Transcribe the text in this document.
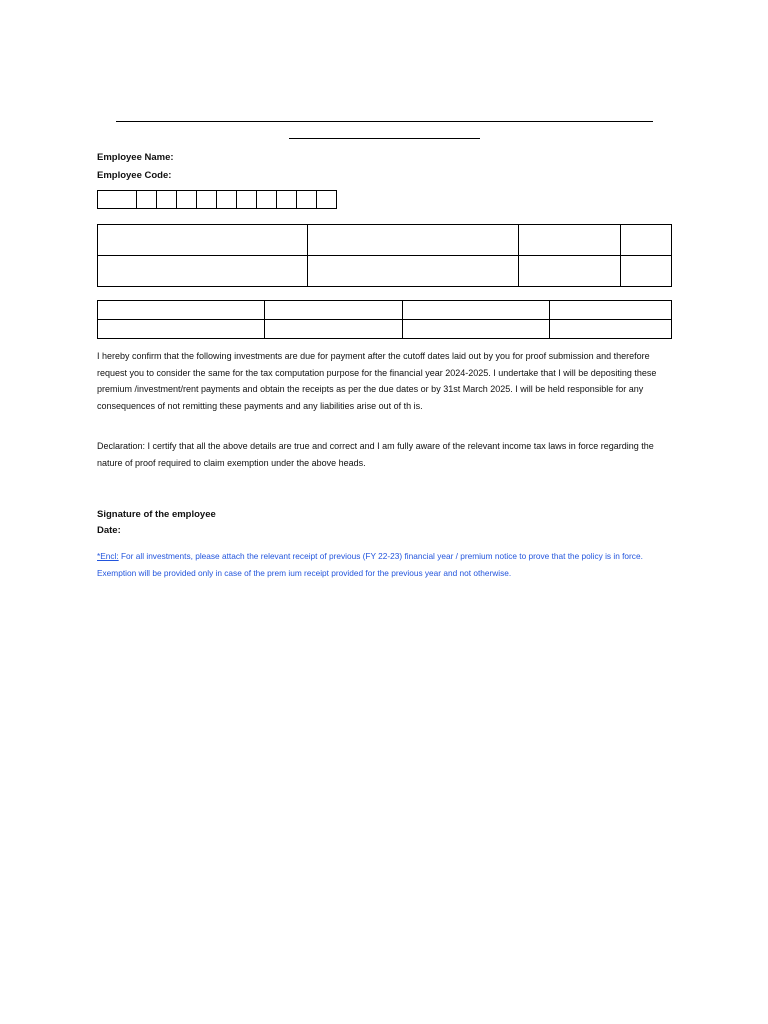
Employee Name:
Employee Code:

I hereby confirm that the following investments are due for payment after the cutoff dates laid out by you for proof submission and therefore request you to consider the same for the tax computation purpose for the financial year 2024-2025. I undertake that I will be depositing these premium /investment/rent payments and obtain the receipts as per the due dates or by 31st March 2025. I will be held responsible for any consequences of not remitting these payments and any liabilities arise out of th is.
Declaration: I certify that all the above details are true and correct and I am fully aware of the relevant income tax laws in force regarding the nature of proof required to claim exemption under the above heads.
Signature of the employee
Date:
*Encl: For all investments, please attach the relevant receipt of previous (FY 22-23) financial year / premium notice to prove that the policy is in force. Exemption will be provided only in case of the prem ium receipt provided for the previous year and not otherwise.
